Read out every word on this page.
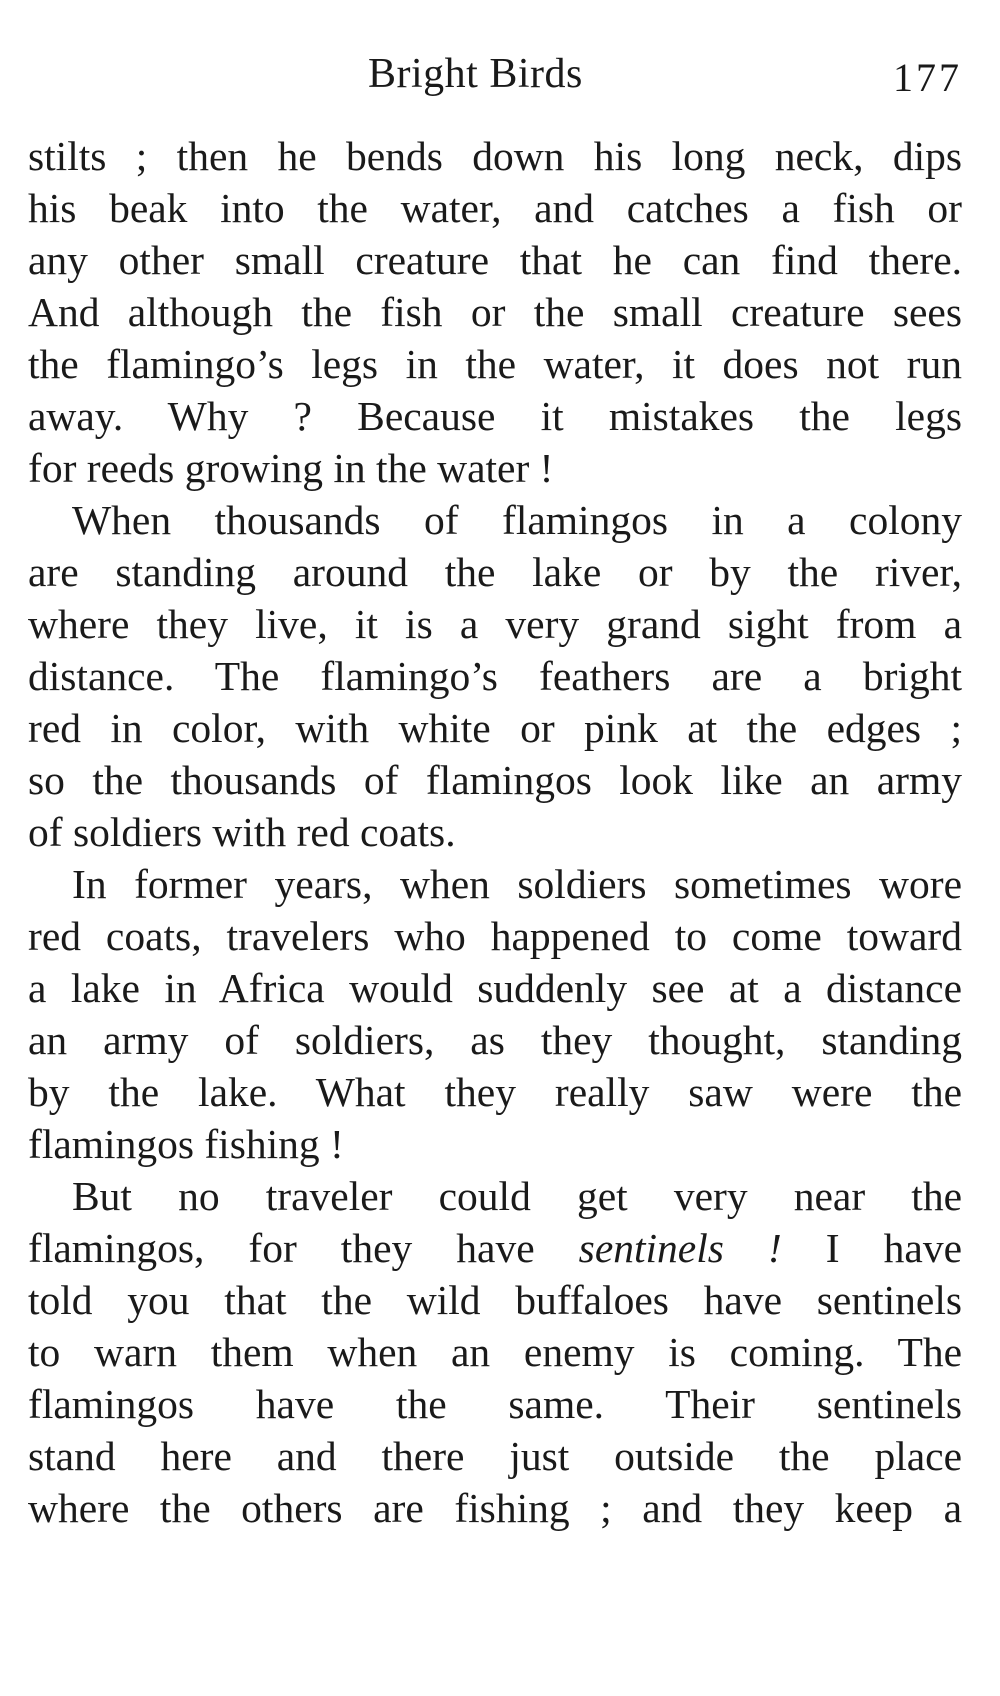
Bright Birds	177
stilts ; then he bends down his long neck, dips
his beak into the water, and catches a fish or
any other small creature that he can find there.
And although the fish or the small creature sees
the flamingo’s legs in the water, it does not run
away. Why ? Because it mistakes the legs
for reeds growing in the water !
When thousands of flamingos in a colony
are standing around the lake or by the river,
where they live, it is a very grand sight from a
distance. The flamingo’s feathers are a bright
red in color, with white or pink at the edges ;
so the thousands of flamingos look like an army
of soldiers with red coats.
In former years, when soldiers sometimes wore
red coats, travelers who happened to come toward
a lake in Africa would suddenly see at a distance
an army of soldiers, as they thought, standing
by the lake. What they really saw were the
flamingos fishing !
But no traveler could get very near the
flamingos, for they have sentinels ! I have
told you that the wild buffaloes have sentinels
to warn them when an enemy is coming. The
flamingos have the same. Their sentinels
stand here and there just outside the place
where the others are fishing ; and they keep a
